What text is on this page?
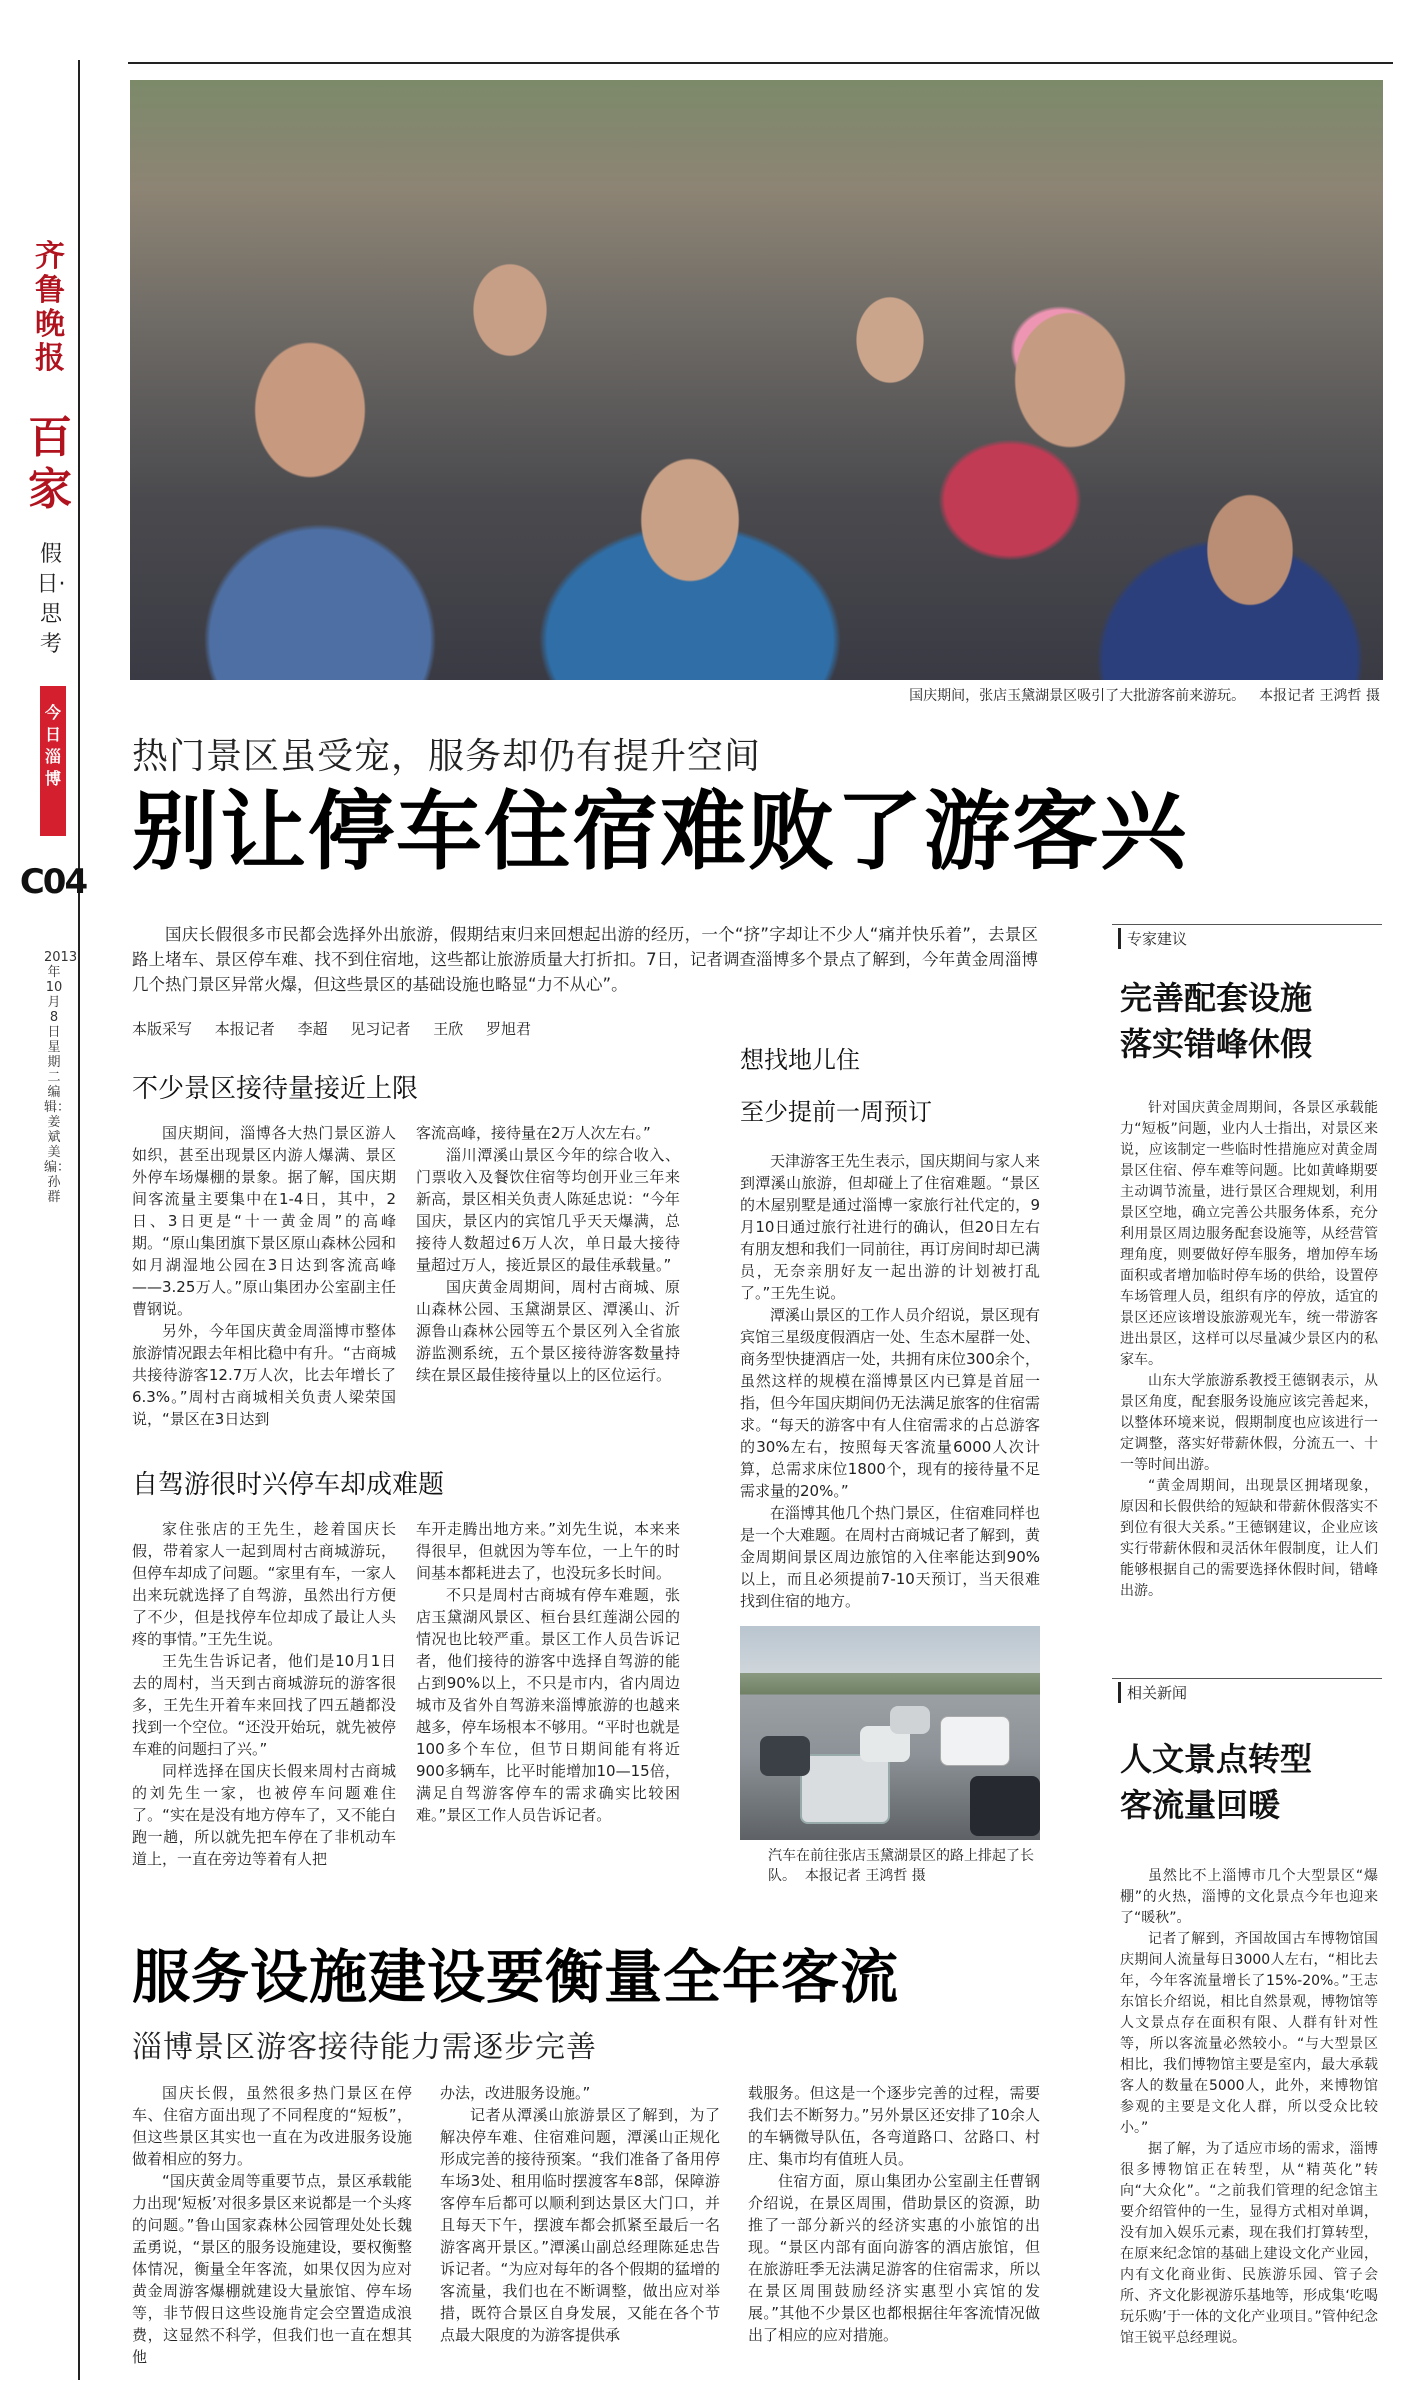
齐鲁晚报
百家
假日·思考
今日淄博
C04
2013年10月8日 星期二 编辑：姜斌 美编：孙群
国庆期间，张店玉黛湖景区吸引了大批游客前来游玩。 本报记者 王鸿哲 摄
热门景区虽受宠，服务却仍有提升空间
别让停车住宿难败了游客兴
国庆长假很多市民都会选择外出旅游，假期结束归来回想起出游的经历，一个“挤”字却让不少人“痛并快乐着”，去景区路上堵车、景区停车难、找不到住宿地，这些都让旅游质量大打折扣。7日，记者调查淄博多个景点了解到，今年黄金周淄博几个热门景区异常火爆，但这些景区的基础设施也略显“力不从心”。
本版采写 本报记者 李超 见习记者 王欣 罗旭君
不少景区接待量接近上限

国庆期间，淄博各大热门景区游人如织，甚至出现景区内游人爆满、景区外停车场爆棚的景象。据了解，国庆期间客流量主要集中在1-4日，其中，2日、3日更是“十一黄金周”的高峰期。“原山集团旗下景区原山森林公园和如月湖湿地公园在3日达到客流高峰——3.25万人。”原山集团办公室副主任曹钢说。

另外，今年国庆黄金周淄博市整体旅游情况跟去年相比稳中有升。“古商城共接待游客12.7万人次，比去年增长了6.3%。”周村古商城相关负责人梁荣国说，“景区在3日达到

客流高峰，接待量在2万人次左右。”

淄川潭溪山景区今年的综合收入、门票收入及餐饮住宿等均创开业三年来新高，景区相关负责人陈延忠说：“今年国庆，景区内的宾馆几乎天天爆满，总接待人数超过6万人次，单日最大接待量超过万人，接近景区的最佳承载量。”

国庆黄金周期间，周村古商城、原山森林公园、玉黛湖景区、潭溪山、沂源鲁山森林公园等五个景区列入全省旅游监测系统，五个景区接待游客数量持续在景区最佳接待量以上的区位运行。

自驾游很时兴停车却成难题

家住张店的王先生，趁着国庆长假，带着家人一起到周村古商城游玩，但停车却成了问题。“家里有车，一家人出来玩就选择了自驾游，虽然出行方便了不少，但是找停车位却成了最让人头疼的事情。”王先生说。

王先生告诉记者，他们是10月1日去的周村，当天到古商城游玩的游客很多，王先生开着车来回找了四五趟都没找到一个空位。“还没开始玩，就先被停车难的问题扫了兴。”

同样选择在国庆长假来周村古商城的刘先生一家，也被停车问题难住了。“实在是没有地方停车了，又不能白跑一趟，所以就先把车停在了非机动车道上，一直在旁边等着有人把

车开走腾出地方来。”刘先生说，本来来得很早，但就因为等车位，一上午的时间基本都耗进去了，也没玩多长时间。

不只是周村古商城有停车难题，张店玉黛湖风景区、桓台县红莲湖公园的情况也比较严重。景区工作人员告诉记者，他们接待的游客中选择自驾游的能占到90%以上，不只是市内，省内周边城市及省外自驾游来淄博旅游的也越来越多，停车场根本不够用。“平时也就是100多个车位，但节日期间能有将近900多辆车，比平时能增加10—15倍，满足自驾游客停车的需求确实比较困难。”景区工作人员告诉记者。

想找地儿住
至少提前一周预订

天津游客王先生表示，国庆期间与家人来到潭溪山旅游，但却碰上了住宿难题。“景区的木屋别墅是通过淄博一家旅行社代定的，9月10日通过旅行社进行的确认，但20日左右有朋友想和我们一同前往，再订房间时却已满员，无奈亲朋好友一起出游的计划被打乱了。”王先生说。

潭溪山景区的工作人员介绍说，景区现有宾馆三星级度假酒店一处、生态木屋群一处、商务型快捷酒店一处，共拥有床位300余个，虽然这样的规模在淄博景区内已算是首屈一指，但今年国庆期间仍无法满足旅客的住宿需求。“每天的游客中有人住宿需求的占总游客的30%左右，按照每天客流量6000人次计算，总需求床位1800个，现有的接待量不足需求量的20%。”

在淄博其他几个热门景区，住宿难同样也是一个大难题。在周村古商城记者了解到，黄金周期间景区周边旅馆的入住率能达到90%以上，而且必须提前7-10天预订，当天很难找到住宿的地方。

汽车在前往张店玉黛湖景区的路上排起了长队。 本报记者 王鸿哲 摄
服务设施建设要衡量全年客流
淄博景区游客接待能力需逐步完善

国庆长假，虽然很多热门景区在停车、住宿方面出现了不同程度的“短板”，但这些景区其实也一直在为改进服务设施做着相应的努力。

“国庆黄金周等重要节点，景区承载能力出现‘短板’对很多景区来说都是一个头疼的问题。”鲁山国家森林公园管理处处长魏孟勇说，“景区的服务设施建设，要权衡整体情况，衡量全年客流，如果仅因为应对黄金周游客爆棚就建设大量旅馆、停车场等，非节假日这些设施肯定会空置造成浪费，这显然不科学，但我们也一直在想其他

办法，改进服务设施。”

记者从潭溪山旅游景区了解到，为了解决停车难、住宿难问题，潭溪山正规化形成完善的接待预案。“我们准备了备用停车场3处、租用临时摆渡客车8部，保障游客停车后都可以顺利到达景区大门口，并且每天下午，摆渡车都会抓紧至最后一名游客离开景区。”潭溪山副总经理陈延忠告诉记者。“为应对每年的各个假期的猛增的客流量，我们也在不断调整，做出应对举措，既符合景区自身发展，又能在各个节点最大限度的为游客提供承

载服务。但这是一个逐步完善的过程，需要我们去不断努力。”另外景区还安排了10余人的车辆微导队伍，各弯道路口、岔路口、村庄、集市均有值班人员。

住宿方面，原山集团办公室副主任曹钢介绍说，在景区周围，借助景区的资源，助推了一部分新兴的经济实惠的小旅馆的出现。“景区内部有面向游客的酒店旅馆，但在旅游旺季无法满足游客的住宿需求，所以在景区周围鼓励经济实惠型小宾馆的发展。”其他不少景区也都根据往年客流情况做出了相应的应对措施。

专家建议
完善配套设施
落实错峰休假

针对国庆黄金周期间，各景区承载能力“短板”问题，业内人士指出，对景区来说，应该制定一些临时性措施应对黄金周景区住宿、停车难等问题。比如黄峰期要主动调节流量，进行景区合理规划，利用景区空地，确立完善公共服务体系，充分利用景区周边服务配套设施等，从经营管理角度，则要做好停车服务，增加停车场面积或者增加临时停车场的供给，设置停车场管理人员，组织有序的停放，适宜的景区还应该增设旅游观光车，统一带游客进出景区，这样可以尽量减少景区内的私家车。

山东大学旅游系教授王德钢表示，从景区角度，配套服务设施应该完善起来，以整体环境来说，假期制度也应该进行一定调整，落实好带薪休假，分流五一、十一等时间出游。

“黄金周期间，出现景区拥堵现象，原因和长假供给的短缺和带薪休假落实不到位有很大关系。”王德钢建议，企业应该实行带薪休假和灵活休年假制度，让人们能够根据自己的需要选择休假时间，错峰出游。

相关新闻
人文景点转型
客流量回暖

虽然比不上淄博市几个大型景区“爆棚”的火热，淄博的文化景点今年也迎来了“暖秋”。

记者了解到，齐国故国古车博物馆国庆期间人流量每日3000人左右，“相比去年，今年客流量增长了15%-20%。”王志东馆长介绍说，相比自然景观，博物馆等人文景点存在面积有限、人群有针对性等，所以客流量必然较小。“与大型景区相比，我们博物馆主要是室内，最大承载客人的数量在5000人，此外，来博物馆参观的主要是文化人群，所以受众比较小。”

据了解，为了适应市场的需求，淄博很多博物馆正在转型，从“精英化”转向“大众化”。“之前我们管理的纪念馆主要介绍管仲的一生，显得方式相对单调，没有加入娱乐元素，现在我们打算转型，在原来纪念馆的基础上建设文化产业园，内有文化商业街、民族游乐园、管子会所、齐文化影视游乐基地等，形成集‘吃喝玩乐购’于一体的文化产业项目。”管仲纪念馆王锐平总经理说。
